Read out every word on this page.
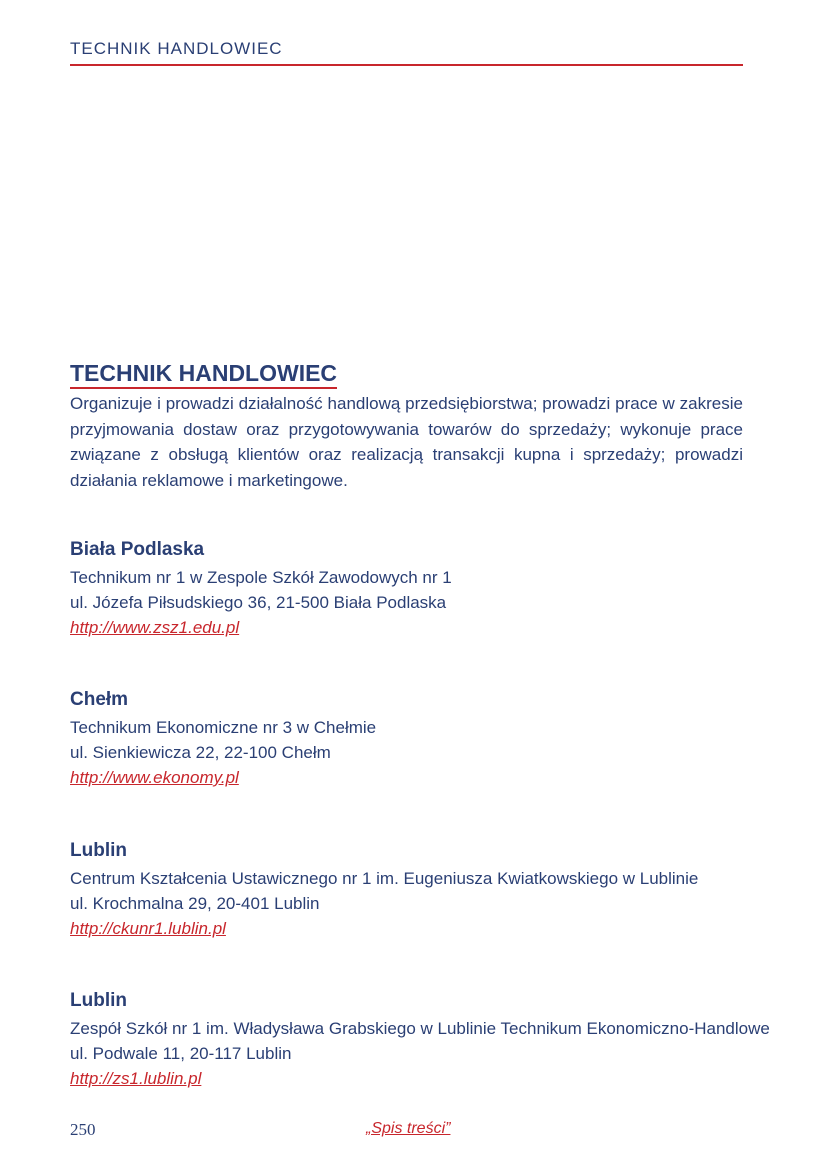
TECHNIK HANDLOWIEC
TECHNIK HANDLOWIEC

Organizuje i prowadzi działalność handlową przedsiębiorstwa; prowadzi prace w zakresie przyjmowania dostaw oraz przygotowywania towarów do sprzedaży; wykonuje prace związane z obsługą klientów oraz realizacją transakcji kupna i sprzedaży; prowadzi działania reklamowe i marketingowe.

Biała Podlaska
Technikum nr 1 w Zespole Szkół Zawodowych nr 1
ul. Józefa Piłsudskiego 36, 21-500 Biała Podlaska
http://www.zsz1.edu.pl
Chełm
Technikum Ekonomiczne nr 3 w Chełmie
ul. Sienkiewicza 22, 22-100 Chełm
http://www.ekonomy.pl
Lublin
Centrum Kształcenia Ustawicznego nr 1 im. Eugeniusza Kwiatkowskiego w Lublinie
ul. Krochmalna 29, 20-401 Lublin
http://ckunr1.lublin.pl
Lublin
Zespół Szkół nr 1 im. Władysława Grabskiego w Lublinie Technikum Ekonomiczno-Handlowe
ul. Podwale 11, 20-117 Lublin
http://zs1.lublin.pl
250	„Spis treści”
